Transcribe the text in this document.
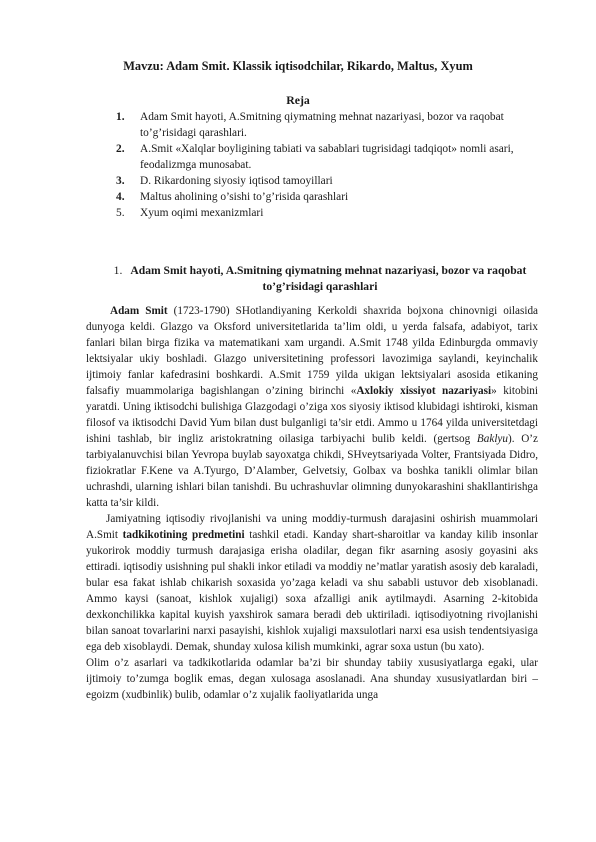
Mavzu: Adam Smit. Klassik iqtisodchilar, Rikardo, Maltus, Xyum
Reja
1. Adam Smit hayoti, A.Smitning qiymatning mehnat nazariyasi, bozor va raqobat to’g’risidagi qarashlari.
2. A.Smit «Xalqlar boyligining tabiati va sabablari tugrisidagi tadqiqot» nomli asari, feodalizmga munosabat.
3. D. Rikardoning siyosiy iqtisod tamoyillari
4. Maltus aholining o’sishi to’g’risida qarashlari
5. Xyum oqimi mexanizmlari
1. Adam Smit hayoti, A.Smitning qiymatning mehnat nazariyasi, bozor va raqobat to’g’risidagi qarashlari

Adam Smit (1723-1790) SHotlandiyaning Kerkoldi shaxrida bojxona chinovnigi oilasida dunyoga keldi. Glazgo va Oksford universitetlarida ta’lim oldi, u yerda falsafa, adabiyot, tarix fanlari bilan birga fizika va matematikani xam urgandi. A.Smit 1748 yilda Edinburgda ommaviy lektsiyalar ukiy boshladi. Glazgo universitetining professori lavozimiga saylandi, keyinchalik ijtimoiy fanlar kafedrasini boshkardi. A.Smit 1759 yilda ukigan lektsiyalari asosida etikaning falsafiy muammolariga bagishlangan o’zining birinchi «Axlokiy xissiyot nazariyasi» kitobini yaratdi. Uning iktisodchi bulishiga Glazgodagi o’ziga xos siyosiy iktisod klubidagi ishtiroki, kisman filosof va iktisodchi David Yum bilan dust bulganligi ta’sir etdi. Ammo u 1764 yilda universitetdagi ishini tashlab, bir ingliz aristokratning oilasiga tarbiyachi bulib keldi. (gertsog Baklyu). O’z tarbiyalanuvchisi bilan Yevropa buylab sayoxatga chikdi, SHveytsariyada Volter, Frantsiyada Didro, fiziokratlar F.Kene va A.Tyurgo, D’Alamber, Gelvetsiy, Golbax va boshka tanikli olimlar bilan uchrashdi, ularning ishlari bilan tanishdi. Bu uchrashuvlar olimning dunyokarashini shakllantirishga katta ta’sir kildi.

Jamiyatning iqtisodiy rivojlanishi va uning moddiy-turmush darajasini oshirish muammolari A.Smit tadkikotining predmetini tashkil etadi. Kanday shart-sharoitlar va kanday kilib insonlar yukorirok moddiy turmush darajasiga erisha oladilar, degan fikr asarning asosiy goyasini aks ettiradi. iqtisodiy usishning pul shakli inkor etiladi va moddiy ne’matlar yaratish asosiy deb karaladi, bular esa fakat ishlab chikarish soxasida yo’zaga keladi va shu sababli ustuvor deb xisoblanadi. Ammo kaysi (sanoat, kishlok xujaligi) soxa afzalligi anik aytilmaydi. Asarning 2-kitobida dexkonchilikka kapital kuyish yaxshirok samara beradi deb uktiriladi. iqtisodiyotning rivojlanishi bilan sanoat tovarlarini narxi pasayishi, kishlok xujaligi maxsulotlari narxi esa usish tendentsiyasiga ega deb xisoblaydi. Demak, shunday xulosa kilish mumkinki, agrar soxa ustun (bu xato).

Olim o’z asarlari va tadkikotlarida odamlar ba’zi bir shunday tabiiy xususiyatlarga egaki, ular ijtimoiy to’zumga boglik emas, degan xulosaga asoslanadi. Ana shunday xususiyatlardan biri – egoizm (xudbinlik) bulib, odamlar o’z xujalik faoliyatlarida unga
